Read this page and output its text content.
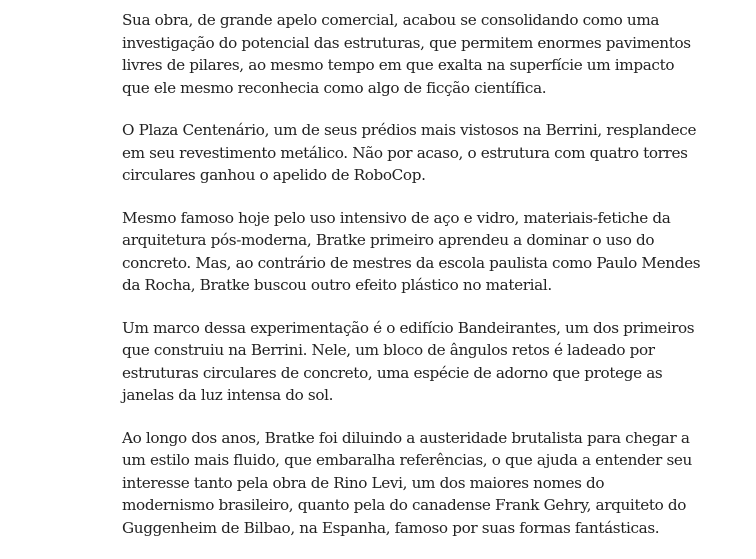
Sua obra, de grande apelo comercial, acabou se consolidando como uma
investigação do potencial das estruturas, que permitem enormes pavimentos
livres de pilares, ao mesmo tempo em que exalta na superfície um impacto
que ele mesmo reconhecia como algo de ficção científica.

O Plaza Centenário, um de seus prédios mais vistosos na Berrini, resplandece
em seu revestimento metálico. Não por acaso, o estrutura com quatro torres
circulares ganhou o apelido de RoboCop.

Mesmo famoso hoje pelo uso intensivo de aço e vidro, materiais-fetiche da
arquitetura pós-moderna, Bratke primeiro aprendeu a dominar o uso do
concreto. Mas, ao contrário de mestres da escola paulista como Paulo Mendes
da Rocha, Bratke buscou outro efeito plástico no material.

Um marco dessa experimentação é o edifício Bandeirantes, um dos primeiros
que construiu na Berrini. Nele, um bloco de ângulos retos é ladeado por
estruturas circulares de concreto, uma espécie de adorno que protege as
janelas da luz intensa do sol.

Ao longo dos anos, Bratke foi diluindo a austeridade brutalista para chegar a
um estilo mais fluido, que embaralha referências, o que ajuda a entender seu
interesse tanto pela obra de Rino Levi, um dos maiores nomes do
modernismo brasileiro, quanto pela do canadense Frank Gehry, arquiteto do
Guggenheim de Bilbao, na Espanha, famoso por suas formas fantásticas.
